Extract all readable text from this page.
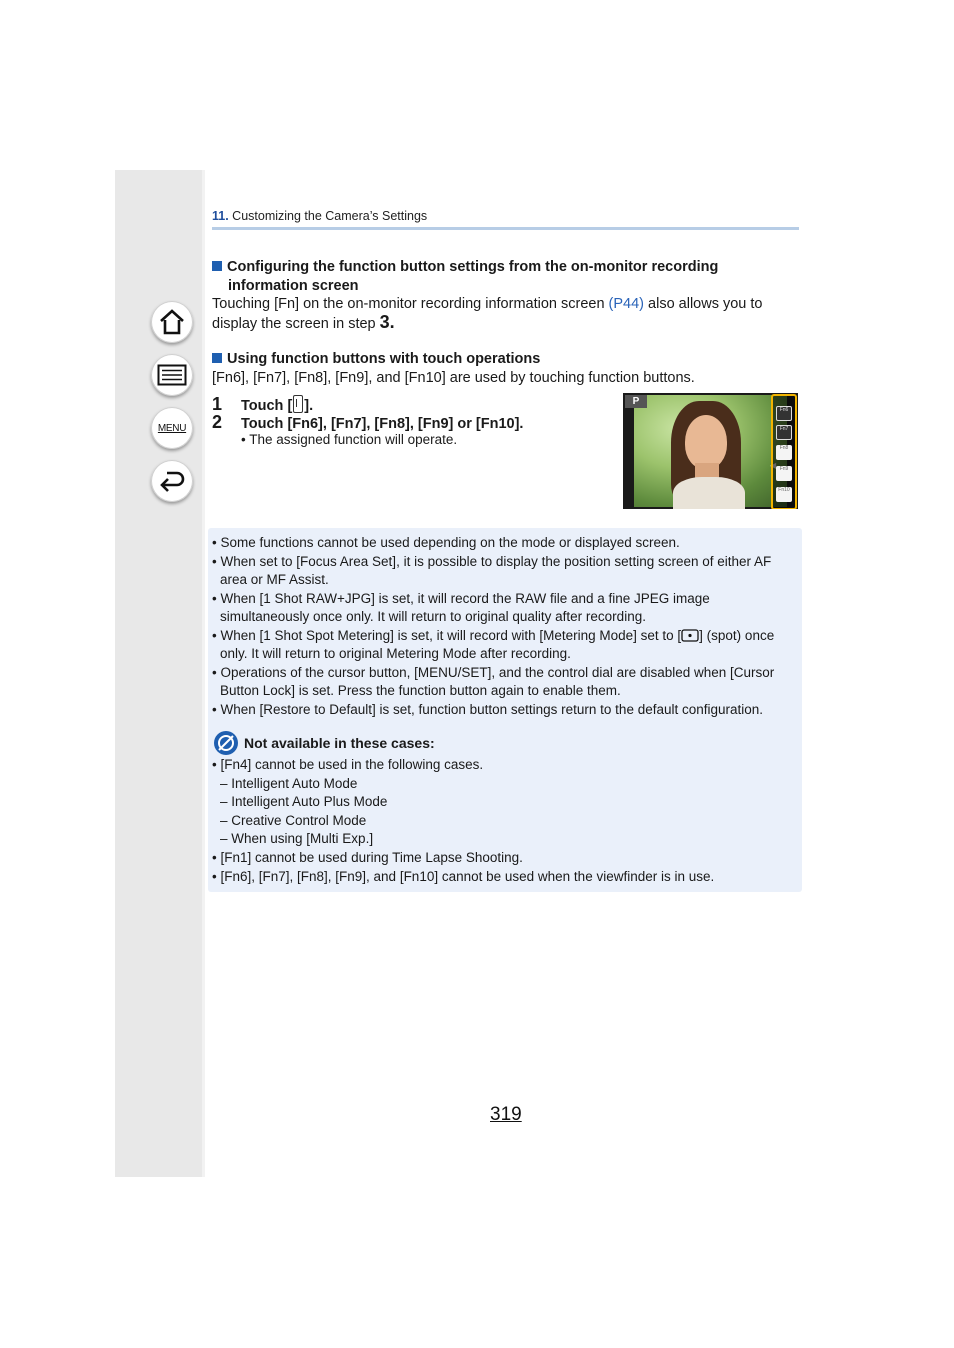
MENU
11. Customizing the Camera’s Settings
Configuring the function button settings from the on-monitor recording
information screen
Touching [Fn] on the on-monitor recording information screen (P44) also allows you to
display the screen in step 3.
Using function buttons with touch operations
[Fn6], [Fn7], [Fn8], [Fn9], and [Fn10] are used by touching function buttons.
1 Touch [ ].
2 Touch [Fn6], [Fn7], [Fn8], [Fn9] or [Fn10].
• The assigned function will operate.
P
Fn6
Fn7
Fn8
Fn9
Fn10
• Some functions cannot be used depending on the mode or displayed screen.
• When set to [Focus Area Set], it is possible to display the position setting screen of either AF
area or MF Assist.
• When [1 Shot RAW+JPG] is set, it will record the RAW file and a fine JPEG image
simultaneously once only. It will return to original quality after recording.
• When [1 Shot Spot Metering] is set, it will record with [Metering Mode] set to [ ] (spot) once
only. It will return to original Metering Mode after recording.
• Operations of the cursor button, [MENU/SET], and the control dial are disabled when [Cursor
Button Lock] is set. Press the function button again to enable them.
• When [Restore to Default] is set, function button settings return to the default configuration.
Not available in these cases:
• [Fn4] cannot be used in the following cases.
– Intelligent Auto Mode
– Intelligent Auto Plus Mode
– Creative Control Mode
– When using [Multi Exp.]
• [Fn1] cannot be used during Time Lapse Shooting.
• [Fn6], [Fn7], [Fn8], [Fn9], and [Fn10] cannot be used when the viewfinder is in use.
319
